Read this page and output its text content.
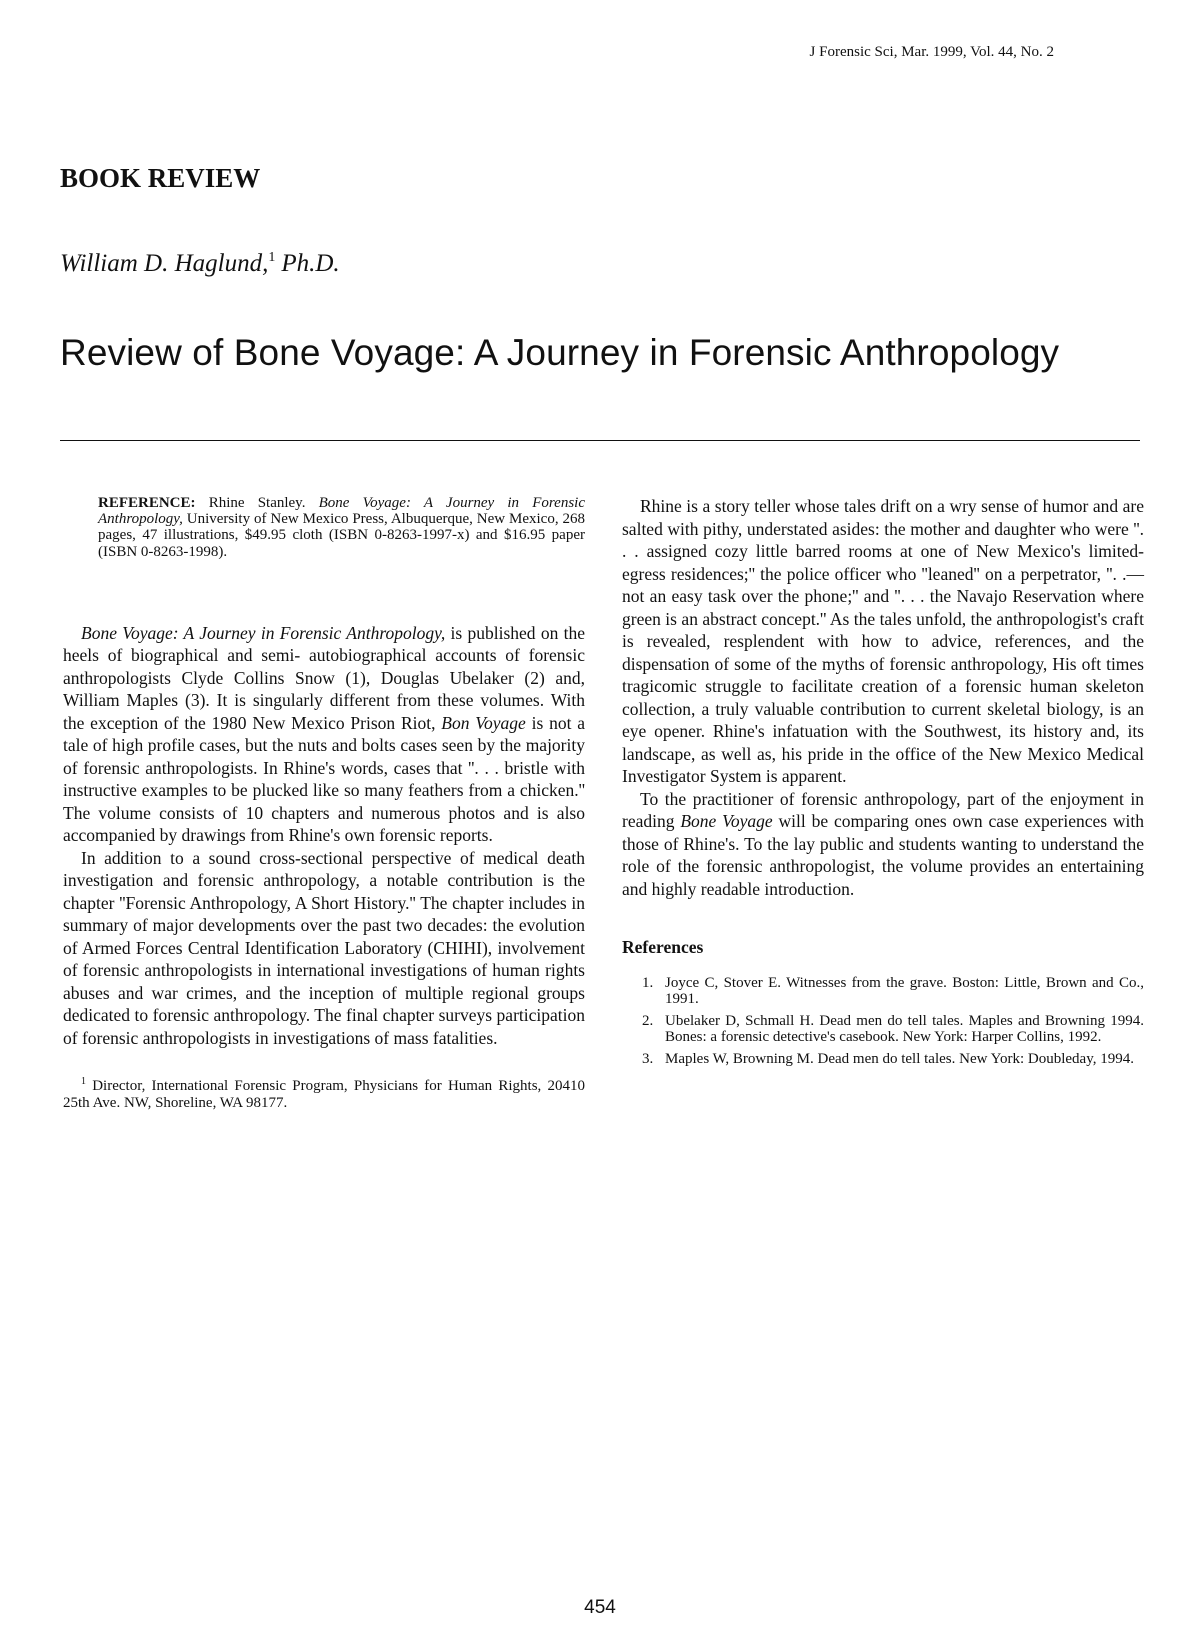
J Forensic Sci, Mar. 1999, Vol. 44, No. 2
BOOK REVIEW
William D. Haglund,$^1$ Ph.D.
Review of Bone Voyage: A Journey in Forensic Anthropology

REFERENCE: Rhine Stanley. Bone Voyage: A Journey in Forensic Anthropology, University of New Mexico Press, Albuquerque, New Mexico, 268 pages, 47 illustrations, $49.95 cloth (ISBN 0-8263-1997-x) and $16.95 paper (ISBN 0-8263-1998).

Bone Voyage: A Journey in Forensic Anthropology, is published on the heels of biographical and semi- autobiographical accounts of forensic anthropologists Clyde Collins Snow (1), Douglas Ubelaker (2) and, William Maples (3). It is singularly different from these volumes. With the exception of the 1980 New Mexico Prison Riot, Bon Voyage is not a tale of high profile cases, but the nuts and bolts cases seen by the majority of forensic anthropologists. In Rhine's words, cases that ''. . . bristle with instructive examples to be plucked like so many feathers from a chicken.'' The volume consists of 10 chapters and numerous photos and is also accompanied by drawings from Rhine's own forensic reports.

In addition to a sound cross-sectional perspective of medical death investigation and forensic anthropology, a notable contribution is the chapter ''Forensic Anthropology, A Short History.'' The chapter includes in summary of major developments over the past two decades: the evolution of Armed Forces Central Identification Laboratory (CHIHI), involvement of forensic anthropologists in international investigations of human rights abuses and war crimes, and the inception of multiple regional groups dedicated to forensic anthropology. The final chapter surveys participation of forensic anthropologists in investigations of mass fatalities.

$^1$ Director, International Forensic Program, Physicians for Human Rights, 20410 25th Ave. NW, Shoreline, WA 98177.

Rhine is a story teller whose tales drift on a wry sense of humor and are salted with pithy, understated asides: the mother and daughter who were ''. . . assigned cozy little barred rooms at one of New Mexico's limited-egress residences;'' the police officer who ''leaned'' on a perpetrator, ''. .—not an easy task over the phone;'' and ''. . . the Navajo Reservation where green is an abstract concept.'' As the tales unfold, the anthropologist's craft is revealed, resplendent with how to advice, references, and the dispensation of some of the myths of forensic anthropology, His oft times tragicomic struggle to facilitate creation of a forensic human skeleton collection, a truly valuable contribution to current skeletal biology, is an eye opener. Rhine's infatuation with the Southwest, its history and, its landscape, as well as, his pride in the office of the New Mexico Medical Investigator System is apparent.

To the practitioner of forensic anthropology, part of the enjoyment in reading Bone Voyage will be comparing ones own case experiences with those of Rhine's. To the lay public and students wanting to understand the role of the forensic anthropologist, the volume provides an entertaining and highly readable introduction.

References
1. Joyce C, Stover E. Witnesses from the grave. Boston: Little, Brown and Co., 1991.
2. Ubelaker D, Schmall H. Dead men do tell tales. Maples and Browning 1994. Bones: a forensic detective's casebook. New York: Harper Collins, 1992.
3. Maples W, Browning M. Dead men do tell tales. New York: Doubleday, 1994.
454
